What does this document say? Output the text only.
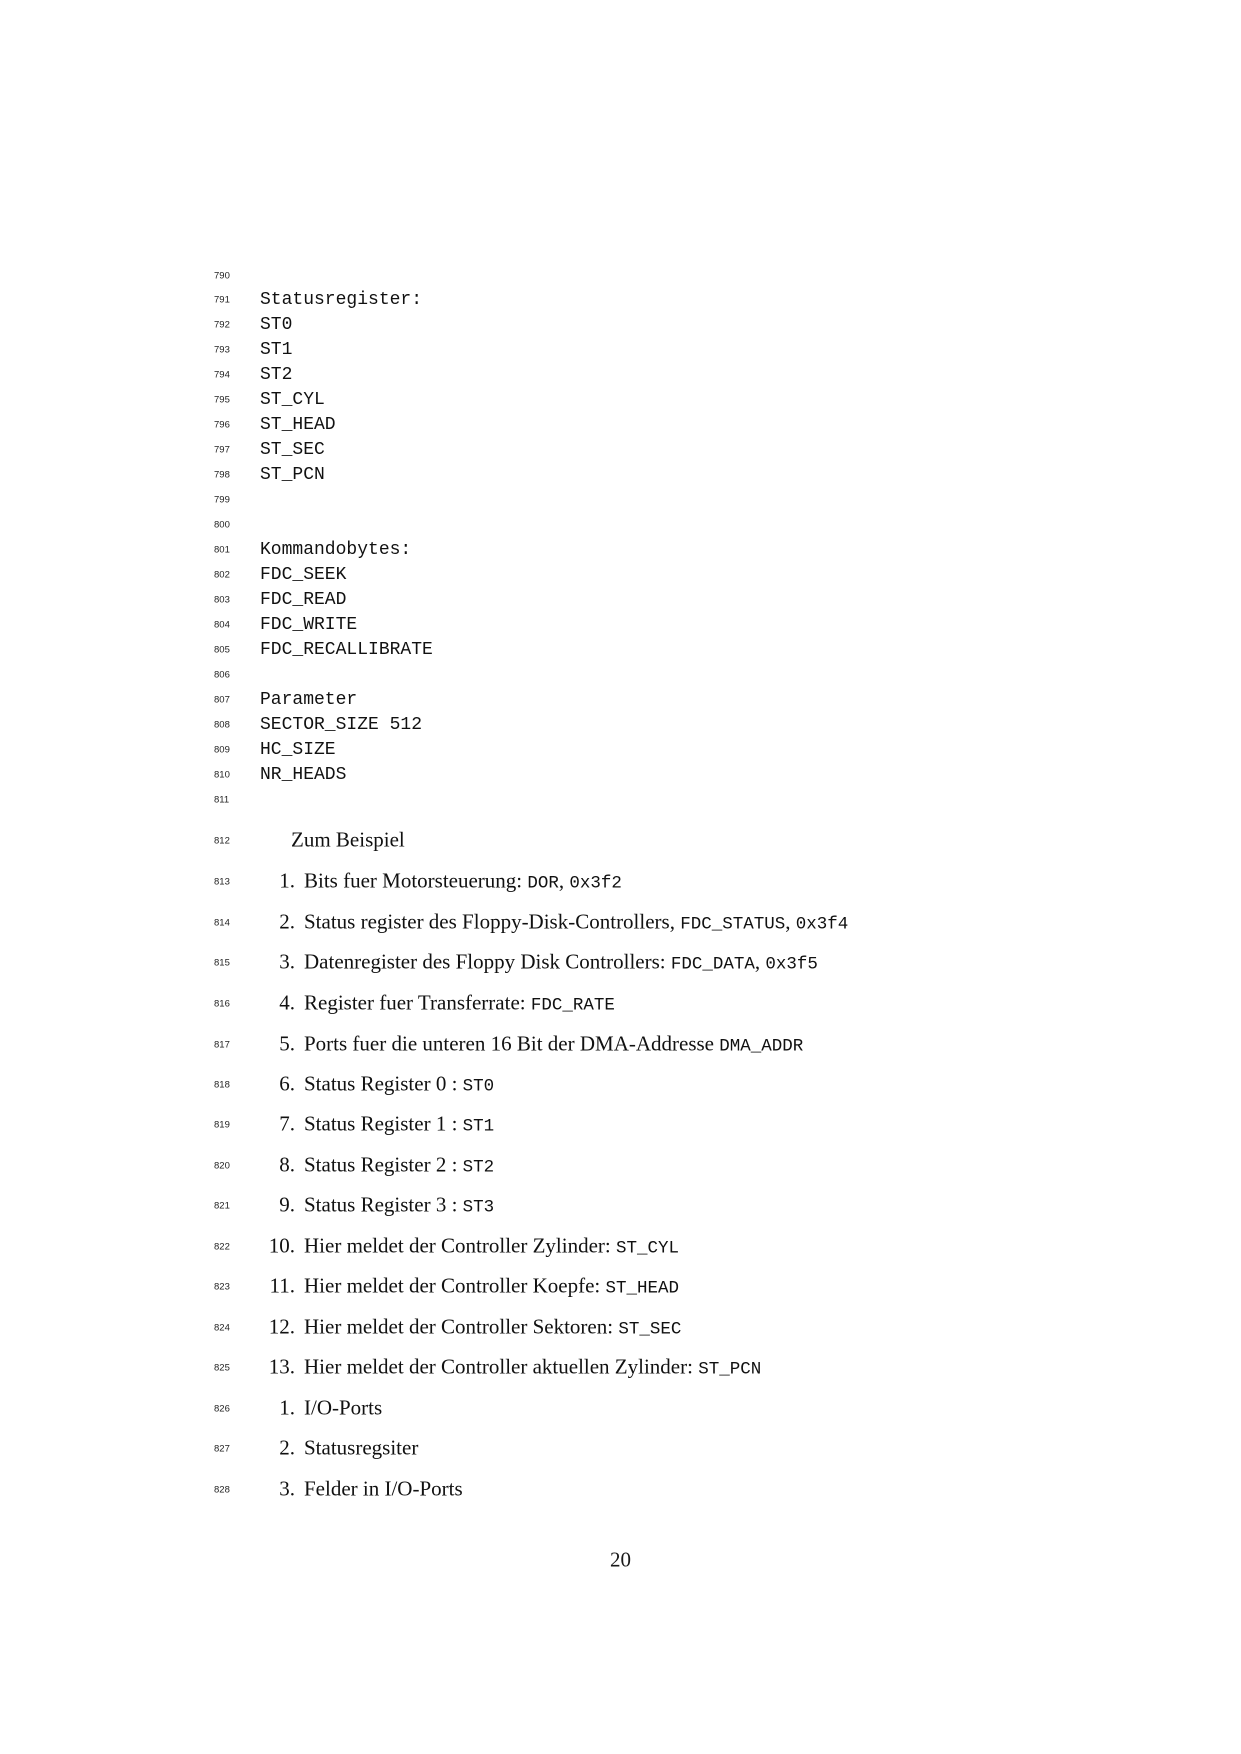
790
791	Statusregister:
792	ST0
793	ST1
794	ST2
795	ST_CYL
796	ST_HEAD
797	ST_SEC
798	ST_PCN
799
800
801	Kommandobytes:
802	FDC_SEEK
803	FDC_READ
804	FDC_WRITE
805	FDC_RECALLIBRATE
806
807	Parameter
808	SECTOR_SIZE 512
809	HC_SIZE
810	NR_HEADS
811
812	Zum Beispiel
813	1. Bits fuer Motorsteuerung: DOR , 0x3f2
814	2. Status register des Floppy-Disk-Controllers, FDC_STATUS , 0x3f4
815	3. Datenregister des Floppy Disk Controllers: FDC_DATA , 0x3f5
816	4. Register fuer Transferrate: FDC_RATE
817	5. Ports fuer die unteren 16 Bit der DMA-Addresse DMA_ADDR
818	6. Status Register 0 : ST0
819	7. Status Register 1 : ST1
820	8. Status Register 2 : ST2
821	9. Status Register 3 : ST3
822	10. Hier meldet der Controller Zylinder: ST_CYL
823	11. Hier meldet der Controller Koepfe: ST_HEAD
824	12. Hier meldet der Controller Sektoren: ST_SEC
825	13. Hier meldet der Controller aktuellen Zylinder: ST_PCN
826	1. I/O-Ports
827	2. Statusregsiter
828	3. Felder in I/O-Ports
20
